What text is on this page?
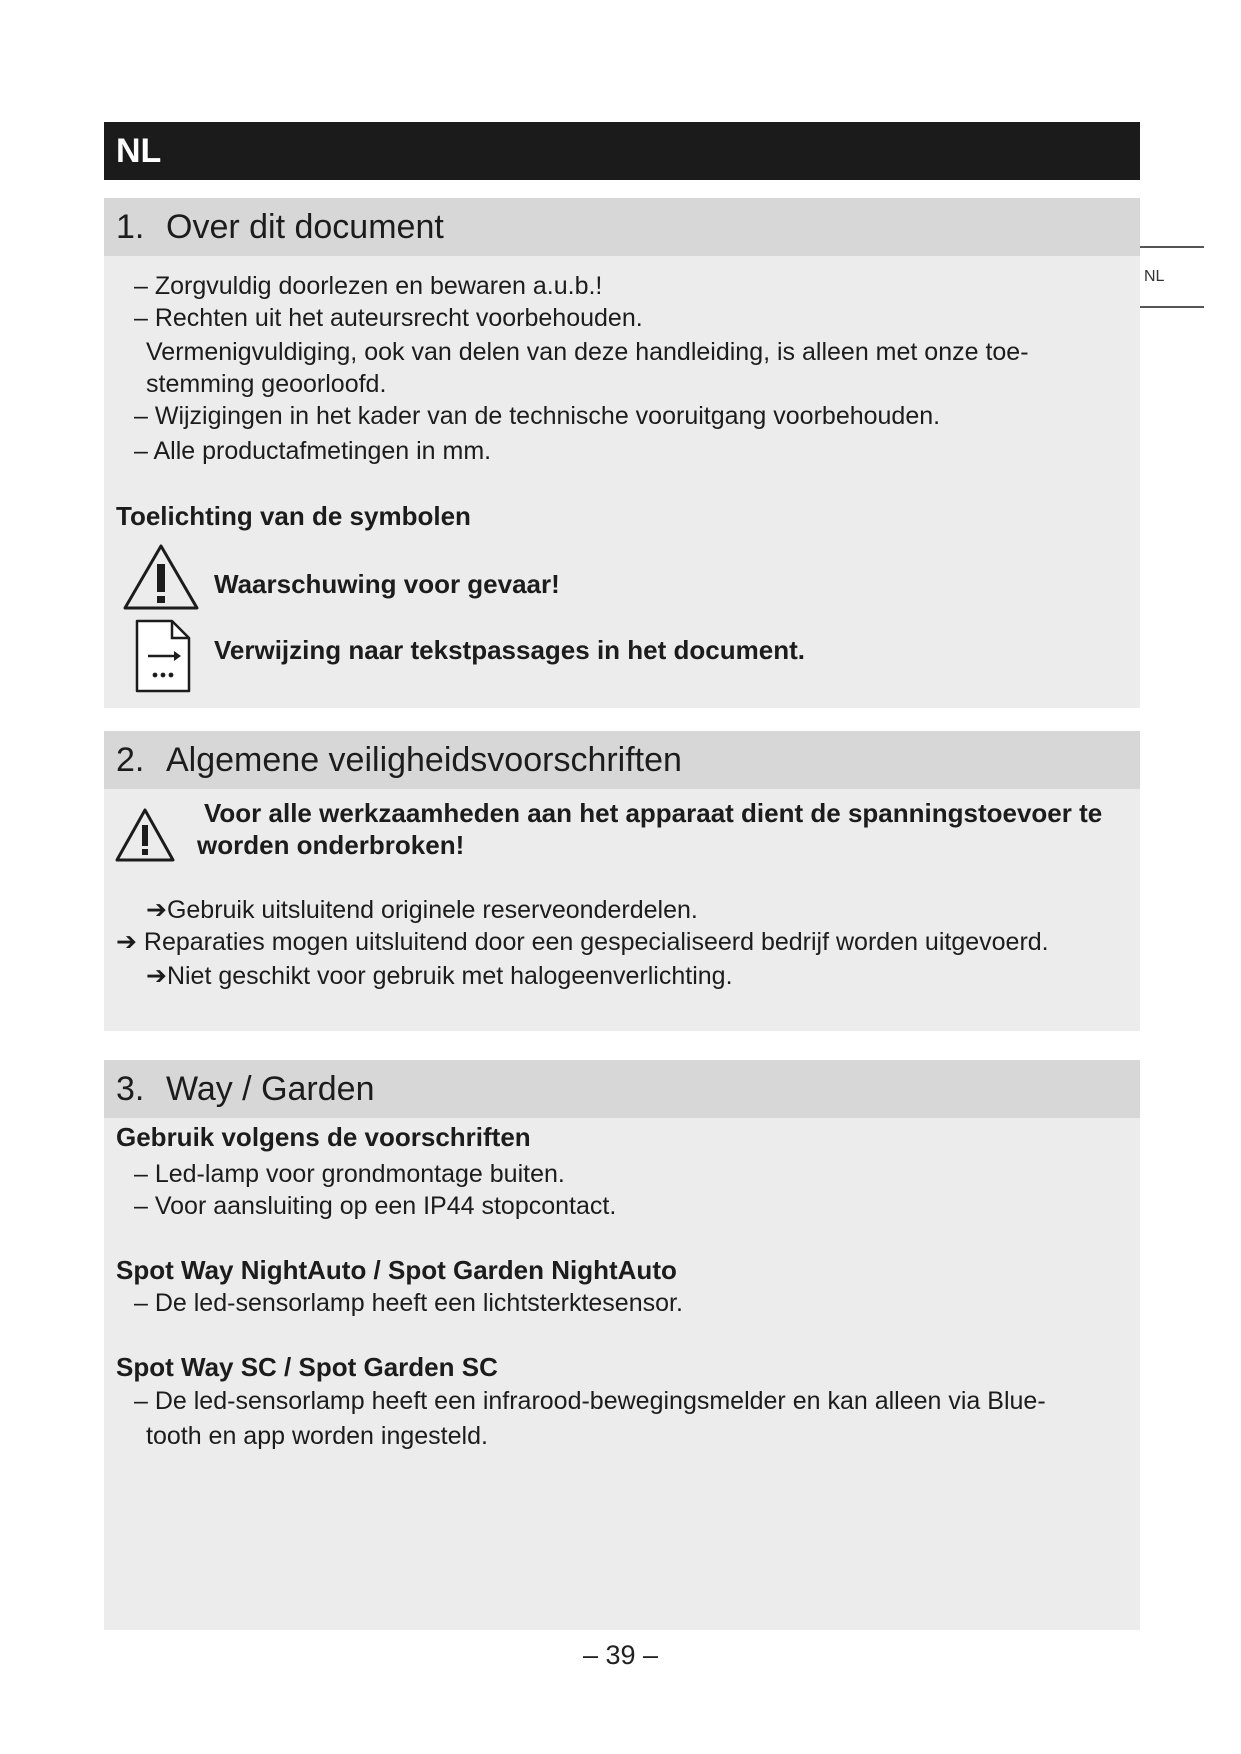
NL
NL
1. Over dit document
– Zorgvuldig doorlezen en bewaren a.u.b.!
– Rechten uit het auteursrecht voorbehouden.
Vermenigvuldiging, ook van delen van deze handleiding, is alleen met onze toe-
stemming geoorloofd.
– Wijzigingen in het kader van de technische vooruitgang voorbehouden.
– Alle productafmetingen in mm.
Toelichting van de symbolen
Waarschuwing voor gevaar!
Verwijzing naar tekstpassages in het document.
2. Algemene veiligheidsvoorschriften
Voor alle werkzaamheden aan het apparaat dient de spanningstoevoer te
worden onderbroken!
➔Gebruik uitsluitend originele reserveonderdelen.
➔ Reparaties mogen uitsluitend door een gespecialiseerd bedrijf worden uitgevoerd.
➔Niet geschikt voor gebruik met halogeenverlichting.
3. Way / Garden
Gebruik volgens de voorschriften
– Led-lamp voor grondmontage buiten.
– Voor aansluiting op een IP44 stopcontact.
Spot Way NightAuto / Spot Garden NightAuto
– De led-sensorlamp heeft een lichtsterktesensor.
Spot Way SC / Spot Garden SC
– De led-sensorlamp heeft een infrarood-bewegingsmelder en kan alleen via Blue-
tooth en app worden ingesteld.
– 39 –
